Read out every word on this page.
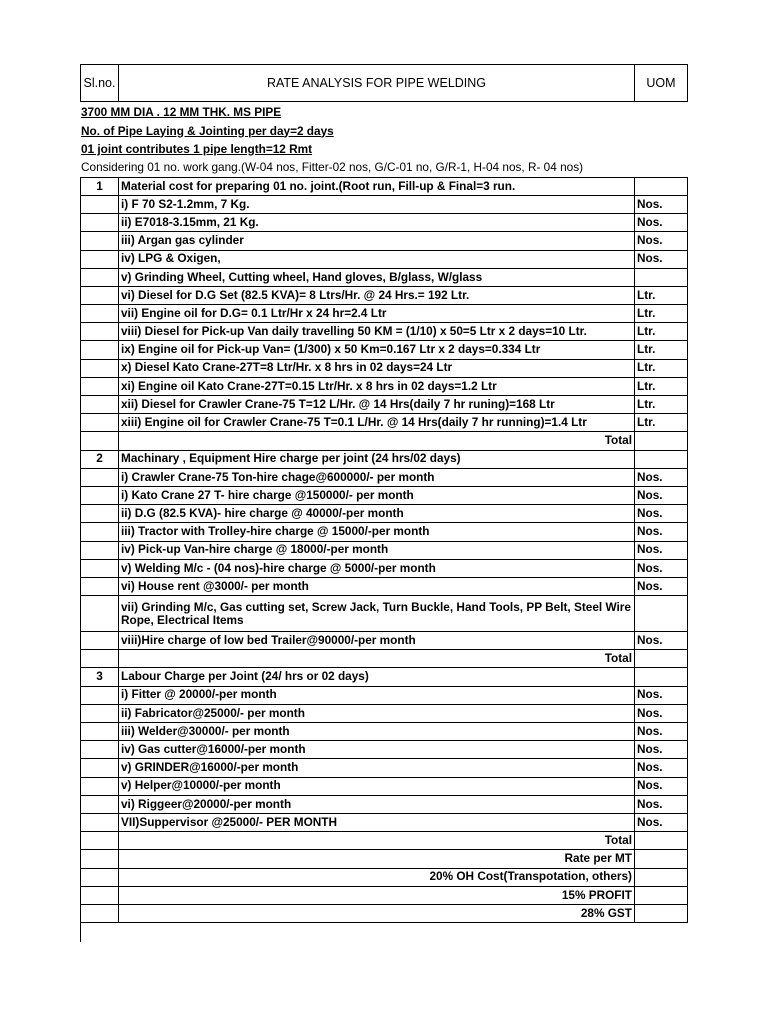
Sl.no.	RATE ANALYSIS FOR PIPE WELDING	UOM
3700 MM DIA . 12 MM THK. MS PIPE
No. of Pipe Laying & Jointing per day=2 days
01 joint contributes 1 pipe length=12 Rmt
Considering 01 no. work gang.(W-04 nos, Fitter-02 nos, G/C-01 no, G/R-1, H-04 nos, R- 04 nos)
1	Material cost for preparing 01 no. joint.(Root run, Fill-up & Final=3 run.	
	i) F 70 S2-1.2mm, 7 Kg.	Nos.
	ii) E7018-3.15mm, 21 Kg.	Nos.
	iii) Argan gas cylinder	Nos.
	iv) LPG & Oxigen,	Nos.
	v) Grinding Wheel, Cutting wheel, Hand gloves, B/glass, W/glass	
	vi) Diesel for D.G Set (82.5 KVA)= 8 Ltrs/Hr. @ 24 Hrs.= 192 Ltr.	Ltr.
	vii) Engine oil for D.G= 0.1 Ltr/Hr x 24 hr=2.4 Ltr	Ltr.
	viii) Diesel for Pick-up Van daily travelling 50 KM = (1/10) x 50=5 Ltr x 2 days=10 Ltr.	Ltr.
	ix) Engine oil for Pick-up Van= (1/300) x 50 Km=0.167 Ltr x 2 days=0.334 Ltr	Ltr.
	x) Diesel Kato Crane-27T=8 Ltr/Hr. x 8 hrs in 02 days=24 Ltr	Ltr.
	xi) Engine oil Kato Crane-27T=0.15 Ltr/Hr. x 8 hrs in 02 days=1.2 Ltr	Ltr.
	xii) Diesel for Crawler Crane-75 T=12 L/Hr. @ 14 Hrs(daily 7 hr runing)=168 Ltr	Ltr.
	xiii) Engine oil for Crawler Crane-75 T=0.1 L/Hr. @ 14 Hrs(daily 7 hr running)=1.4 Ltr	Ltr.
	Total	
2	Machinary , Equipment Hire charge per joint (24 hrs/02 days)	
	i) Crawler Crane-75 Ton-hire chage@600000/- per month	Nos.
	i) Kato Crane 27 T- hire charge @150000/- per month	Nos.
	ii) D.G (82.5 KVA)- hire charge @ 40000/-per month	Nos.
	iii) Tractor with Trolley-hire charge @ 15000/-per month	Nos.
	iv) Pick-up Van-hire charge @ 18000/-per month	Nos.
	v) Welding M/c - (04 nos)-hire charge @ 5000/-per month	Nos.
	vi) House rent @3000/- per month	Nos.
	vii) Grinding M/c, Gas cutting set, Screw Jack, Turn Buckle, Hand Tools, PP Belt, Steel Wire Rope, Electrical Items	
	viii)Hire charge of low bed Trailer@90000/-per month	Nos.
	Total	
3	Labour Charge per Joint (24/ hrs or 02 days)	
	i) Fitter @ 20000/-per month	Nos.
	ii) Fabricator@25000/- per month	Nos.
	iii) Welder@30000/- per month	Nos.
	iv) Gas cutter@16000/-per month	Nos.
	v) GRINDER@16000/-per month	Nos.
	v) Helper@10000/-per month	Nos.
	vi) Riggeer@20000/-per month	Nos.
	VII)Suppervisor @25000/- PER MONTH	Nos.
	Total	
	Rate per MT	
	20% OH Cost(Transpotation, others)	
	15% PROFIT	
	28% GST	
